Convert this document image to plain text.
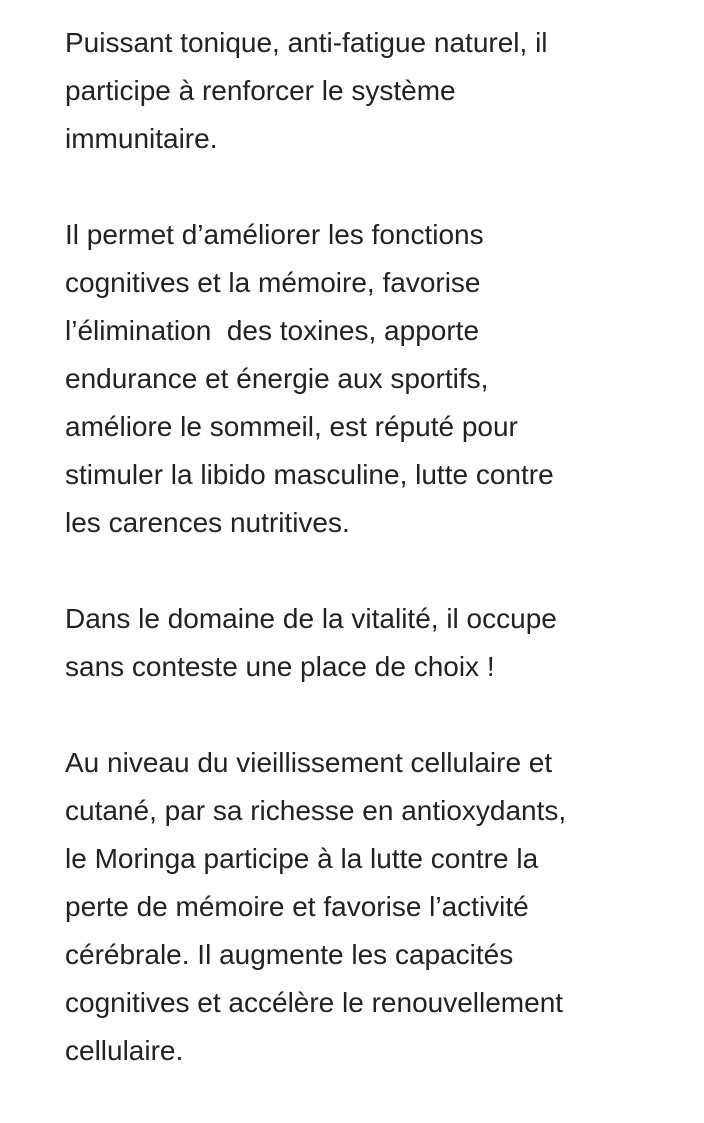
Puissant tonique, anti-fatigue naturel, il
participe à renforcer le système
immunitaire.

Il permet d’améliorer les fonctions
cognitives et la mémoire, favorise
l’élimination  des toxines, apporte
endurance et énergie aux sportifs,
améliore le sommeil, est réputé pour
stimuler la libido masculine, lutte contre
les carences nutritives.

Dans le domaine de la vitalité, il occupe
sans conteste une place de choix !

Au niveau du vieillissement cellulaire et
cutané, par sa richesse en antioxydants,
le Moringa participe à la lutte contre la
perte de mémoire et favorise l’activité
cérébrale. Il augmente les capacités
cognitives et accélère le renouvellement
cellulaire.
